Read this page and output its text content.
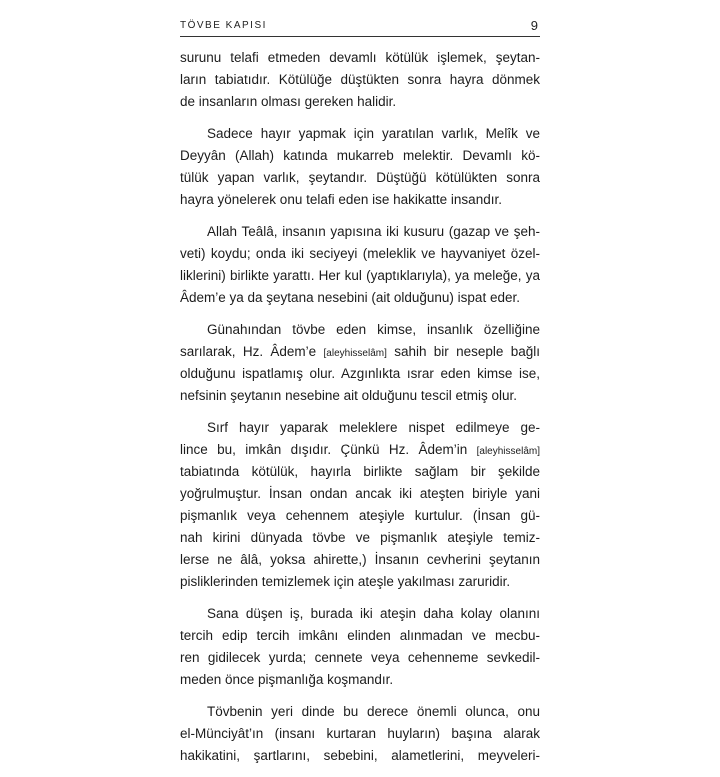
TÖVBE KAPISI	9
surunu telafi etmeden devamlı kötülük işlemek, şeytan-
ların tabiatıdır. Kötülüğe düştükten sonra hayra dönmek
de insanların olması gereken halidir.
Sadece hayır yapmak için yaratılan varlık, Melîk ve
Deyyân (Allah) katında mukarreb melektir. Devamlı kö-
tülük yapan varlık, şeytandır. Düştüğü kötülükten sonra
hayra yönelerek onu telafi eden ise hakikatte insandır.
Allah Teâlâ, insanın yapısına iki kusuru (gazap ve şeh-
veti) koydu; onda iki seciyeyi (meleklik ve hayvaniyet özel-
liklerini) birlikte yarattı. Her kul (yaptıklarıyla), ya meleğe, ya
Âdem’e ya da şeytana nesebini (ait olduğunu) ispat eder.
Günahından tövbe eden kimse, insanlık özelliğine
sarılarak, Hz. Âdem’e [aleyhisselâm] sahih bir neseple bağlı
olduğunu ispatlamış olur. Azgınlıkta ısrar eden kimse ise,
nefsinin şeytanın nesebine ait olduğunu tescil etmiş olur.
Sırf hayır yaparak meleklere nispet edilmeye ge-
lince bu, imkân dışıdır. Çünkü Hz. Âdem’in [aleyhisselâm]
tabiatında kötülük, hayırla birlikte sağlam bir şekilde
yoğrulmuştur. İnsan ondan ancak iki ateşten biriyle yani
pişmanlık veya cehennem ateşiyle kurtulur. (İnsan gü-
nah kirini dünyada tövbe ve pişmanlık ateşiyle temiz-
lerse ne âlâ, yoksa ahirette,) İnsanın cevherini şeytanın
pisliklerinden temizlemek için ateşle yakılması zaruridir.
Sana düşen iş, burada iki ateşin daha kolay olanını
tercih edip tercih imkânı elinden alınmadan ve mecbu-
ren gidilecek yurda; cennete veya cehenneme sevkedil-
meden önce pişmanlığa koşmandır.
Tövbenin yeri dinde bu derece önemli olunca, onu
el-Münciyât’ın (insanı kurtaran huyların) başına alarak
hakikatini, şartlarını, sebebini, alametlerini, meyveleri-
